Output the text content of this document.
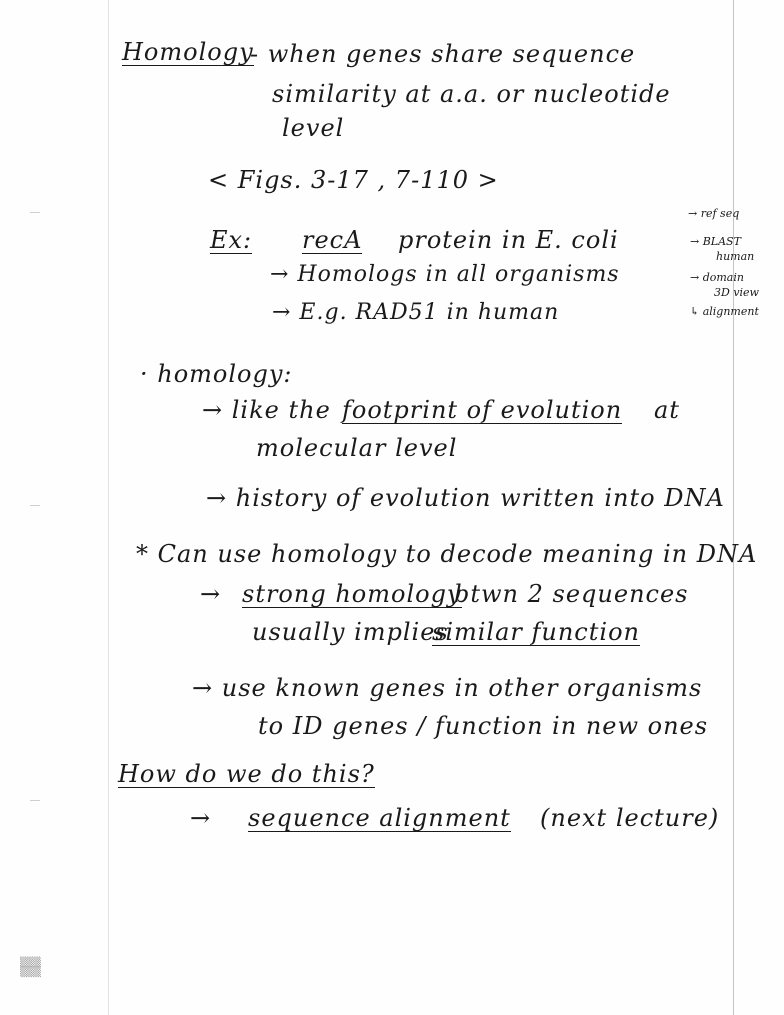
Homology
- when genes share sequence
similarity at a.a. or nucleotide
level
< Figs. 3-17 , 7-110 >
Ex: recA protein in E. coli
→ Homologs in all organisms
→ E.g. RAD51 in human
→ ref seq
→ BLAST
human
→ domain
3D view
↳ alignment
· homology:
→ like the footprint of evolution at
molecular level
→ history of evolution written into DNA
* Can use homology to decode meaning in DNA
→ strong homology
btwn 2 sequences
usually implies
similar function
→ use known genes in other organisms
to ID genes / function in new ones
How do we do this?
→ sequence alignment (next lecture)
▒▒▒
▒▒▒
